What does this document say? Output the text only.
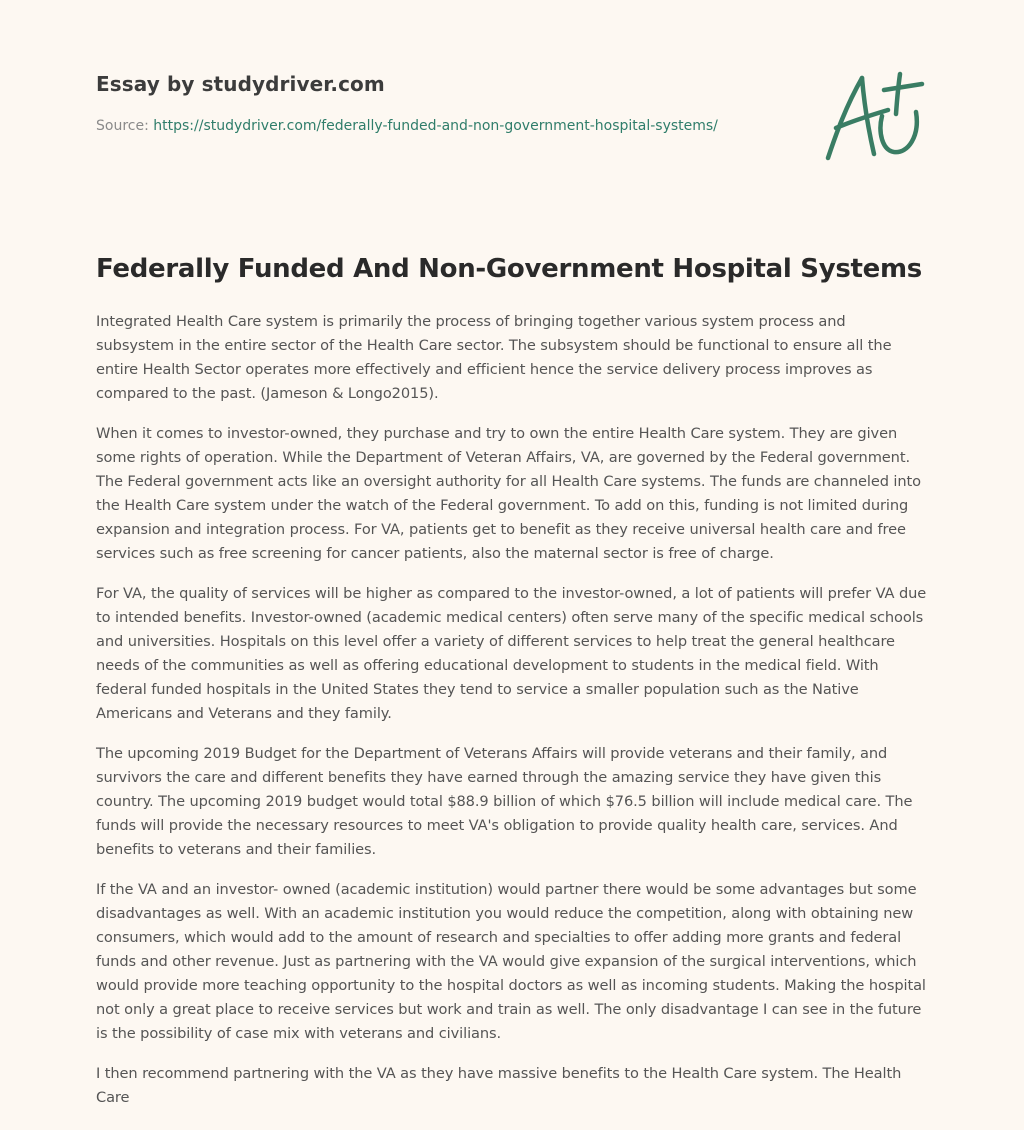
Essay by studydriver.com
Source: https://studydriver.com/federally-funded-and-non-government-hospital-systems/
Federally Funded And Non-Government Hospital Systems

Integrated Health Care system is primarily the process of bringing together various system process and subsystem in the entire sector of the Health Care sector. The subsystem should be functional to ensure all the entire Health Sector operates more effectively and efficient hence the service delivery process improves as compared to the past. (Jameson & Longo2015).

When it comes to investor-owned, they purchase and try to own the entire Health Care system. They are given some rights of operation. While the Department of Veteran Affairs, VA, are governed by the Federal government. The Federal government acts like an oversight authority for all Health Care systems. The funds are channeled into the Health Care system under the watch of the Federal government. To add on this, funding is not limited during expansion and integration process. For VA, patients get to benefit as they receive universal health care and free services such as free screening for cancer patients, also the maternal sector is free of charge.

For VA, the quality of services will be higher as compared to the investor-owned, a lot of patients will prefer VA due to intended benefits. Investor-owned (academic medical centers) often serve many of the specific medical schools and universities. Hospitals on this level offer a variety of different services to help treat the general healthcare needs of the communities as well as offering educational development to students in the medical field. With federal funded hospitals in the United States they tend to service a smaller population such as the Native Americans and Veterans and they family.

The upcoming 2019 Budget for the Department of Veterans Affairs will provide veterans and their family, and survivors the care and different benefits they have earned through the amazing service they have given this country. The upcoming 2019 budget would total $88.9 billion of which $76.5 billion will include medical care. The funds will provide the necessary resources to meet VA's obligation to provide quality health care, services. And benefits to veterans and their families.

If the VA and an investor- owned (academic institution) would partner there would be some advantages but some disadvantages as well. With an academic institution you would reduce the competition, along with obtaining new consumers, which would add to the amount of research and specialties to offer adding more grants and federal funds and other revenue. Just as partnering with the VA would give expansion of the surgical interventions, which would provide more teaching opportunity to the hospital doctors as well as incoming students. Making the hospital not only a great place to receive services but work and train as well. The only disadvantage I can see in the future is the possibility of case mix with veterans and civilians.

I then recommend partnering with the VA as they have massive benefits to the Health Care system. The Health Care
